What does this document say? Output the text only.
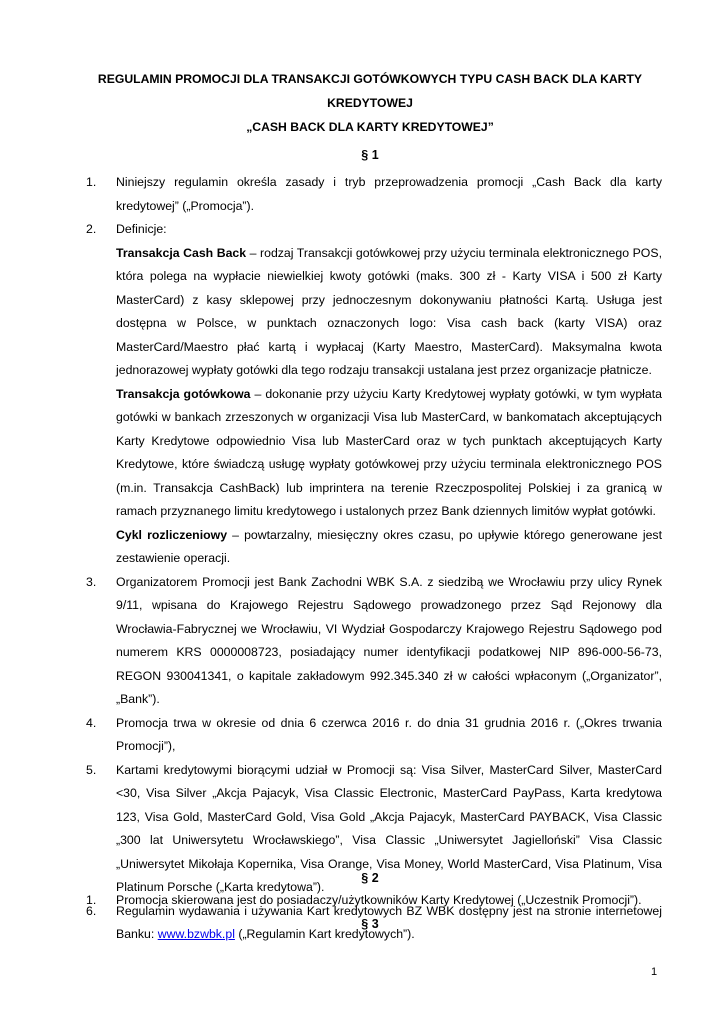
REGULAMIN PROMOCJI DLA TRANSAKCJI GOTÓWKOWYCH TYPU CASH BACK DLA KARTY
KREDYTOWEJ
„CASH BACK DLA KARTY KREDYTOWEJ”
§ 1
1. Niniejszy regulamin określa zasady i tryb przeprowadzenia promocji „Cash Back dla karty kredytowej” („Promocja”).
2. Definicje:
Transakcja Cash Back – rodzaj Transakcji gotówkowej przy użyciu terminala elektronicznego POS, która polega na wypłacie niewielkiej kwoty gotówki (maks. 300 zł - Karty VISA i 500 zł Karty MasterCard) z kasy sklepowej przy jednoczesnym dokonywaniu płatności Kartą. Usługa jest dostępna w Polsce, w punktach oznaczonych logo: Visa cash back (karty VISA) oraz MasterCard/Maestro płać kartą i wypłacaj (Karty Maestro, MasterCard). Maksymalna kwota jednorazowej wypłaty gotówki dla tego rodzaju transakcji ustalana jest przez organizacje płatnicze.
Transakcja gotówkowa – dokonanie przy użyciu Karty Kredytowej wypłaty gotówki, w tym wypłata gotówki w bankach zrzeszonych w organizacji Visa lub MasterCard, w bankomatach akceptujących Karty Kredytowe odpowiednio Visa lub MasterCard oraz w tych punktach akceptujących Karty Kredytowe, które świadczą usługę wypłaty gotówkowej przy użyciu terminala elektronicznego POS (m.in. Transakcja CashBack) lub imprintera na terenie Rzeczpospolitej Polskiej i za granicą w ramach przyznanego limitu kredytowego i ustalonych przez Bank dziennych limitów wypłat gotówki.
Cykl rozliczeniowy – powtarzalny, miesięczny okres czasu, po upływie którego generowane jest zestawienie operacji.
3. Organizatorem Promocji jest Bank Zachodni WBK S.A. z siedzibą we Wrocławiu przy ulicy Rynek 9/11, wpisana do Krajowego Rejestru Sądowego prowadzonego przez Sąd Rejonowy dla Wrocławia-Fabrycznej we Wrocławiu, VI Wydział Gospodarczy Krajowego Rejestru Sądowego pod numerem KRS 0000008723, posiadający numer identyfikacji podatkowej NIP 896-000-56-73, REGON 930041341, o kapitale zakładowym 992.345.340 zł w całości wpłaconym („Organizator”, „Bank”).
4. Promocja trwa w okresie od dnia 6 czerwca 2016 r. do dnia 31 grudnia 2016 r. („Okres trwania Promocji”),
5. Kartami kredytowymi biorącymi udział w Promocji są: Visa Silver, MasterCard Silver, MasterCard <30, Visa Silver „Akcja Pajacyk, Visa Classic Electronic, MasterCard PayPass, Karta kredytowa 123, Visa Gold, MasterCard Gold, Visa Gold „Akcja Pajacyk, MasterCard PAYBACK, Visa Classic „300 lat Uniwersytetu Wrocławskiego”, Visa Classic „Uniwersytet Jagielloński” Visa Classic „Uniwersytet Mikołaja Kopernika, Visa Orange, Visa Money, World MasterCard, Visa Platinum, Visa Platinum Porsche („Karta kredytowa”).
6. Regulamin wydawania i używania Kart kredytowych BZ WBK dostępny jest na stronie internetowej Banku: www.bzwbk.pl („Regulamin Kart kredytowych”).
§ 2
1. Promocja skierowana jest do posiadaczy/użytkowników Karty Kredytowej („Uczestnik Promocji”).
§ 3
1
